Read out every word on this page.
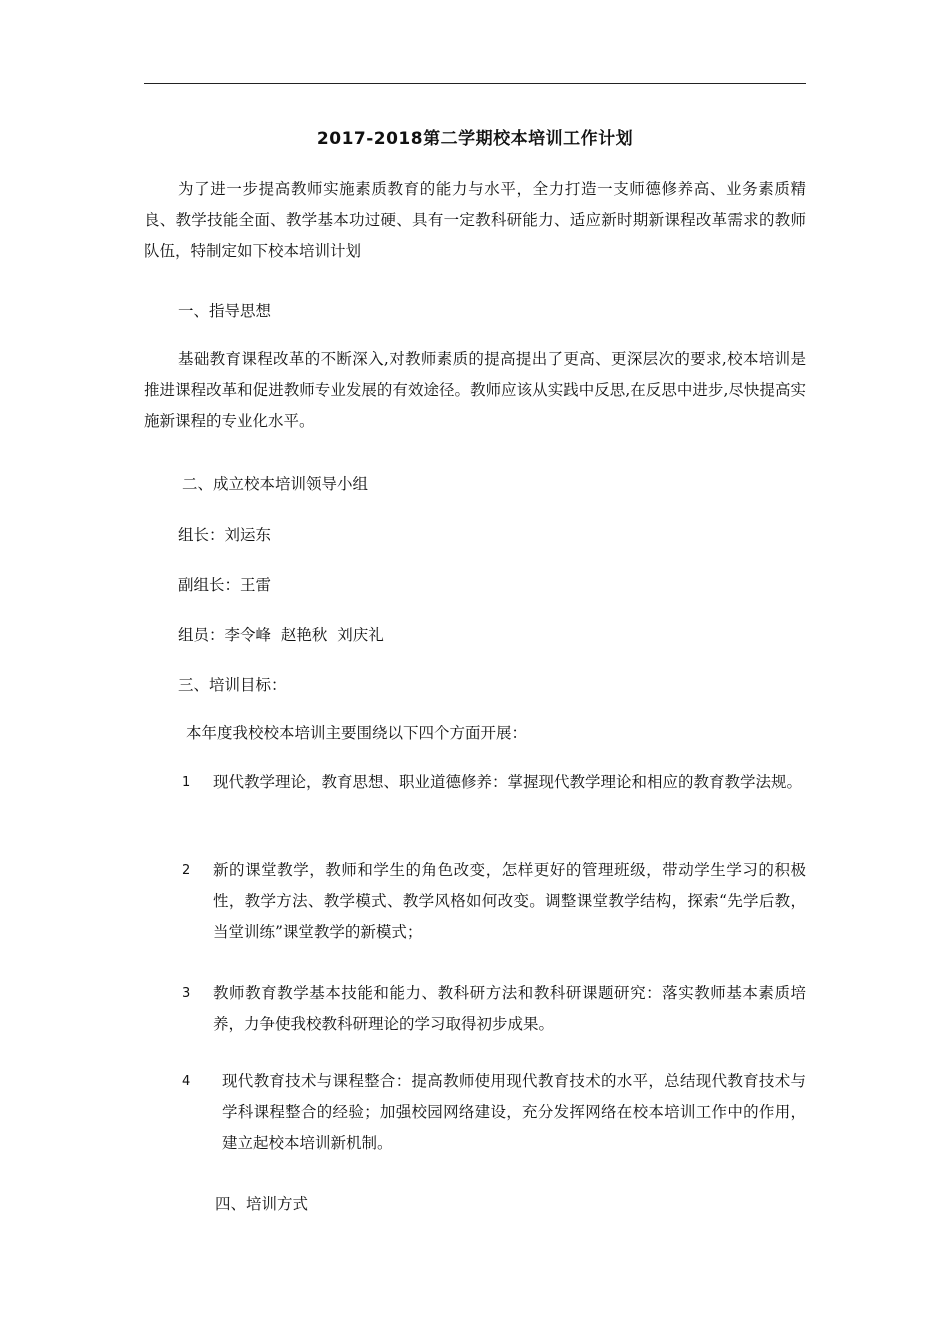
2017-2018第二学期校本培训工作计划

为了进一步提高教师实施素质教育的能力与水平，全力打造一支师德修养高、业务素质精良、教学技能全面、教学基本功过硬、具有一定教科研能力、适应新时期新课程改革需求的教师队伍，特制定如下校本培训计划

一、指导思想

基础教育课程改革的不断深入,对教师素质的提高提出了更高、更深层次的要求,校本培训是推进课程改革和促进教师专业发展的有效途径。教师应该从实践中反思,在反思中进步,尽快提高实施新课程的专业化水平。

二、成立校本培训领导小组

组长：刘运东

副组长：王雷

组员：李令峰  赵艳秋  刘庆礼

三、培训目标：

本年度我校校本培训主要围绕以下四个方面开展：

1 现代教学理论，教育思想、职业道德修养：掌握现代教学理论和相应的教育教学法规。
2 新的课堂教学，教师和学生的角色改变，怎样更好的管理班级，带动学生学习的积极性，教学方法、教学模式、教学风格如何改变。调整课堂教学结构，探索“先学后教，当堂训练”课堂教学的新模式；
3 教师教育教学基本技能和能力、教科研方法和教科研课题研究：落实教师基本素质培养，力争使我校教科研理论的学习取得初步成果。
4 现代教育技术与课程整合：提高教师使用现代教育技术的水平，总结现代教育技术与学科课程整合的经验；加强校园网络建设，充分发挥网络在校本培训工作中的作用，建立起校本培训新机制。

四、培训方式
